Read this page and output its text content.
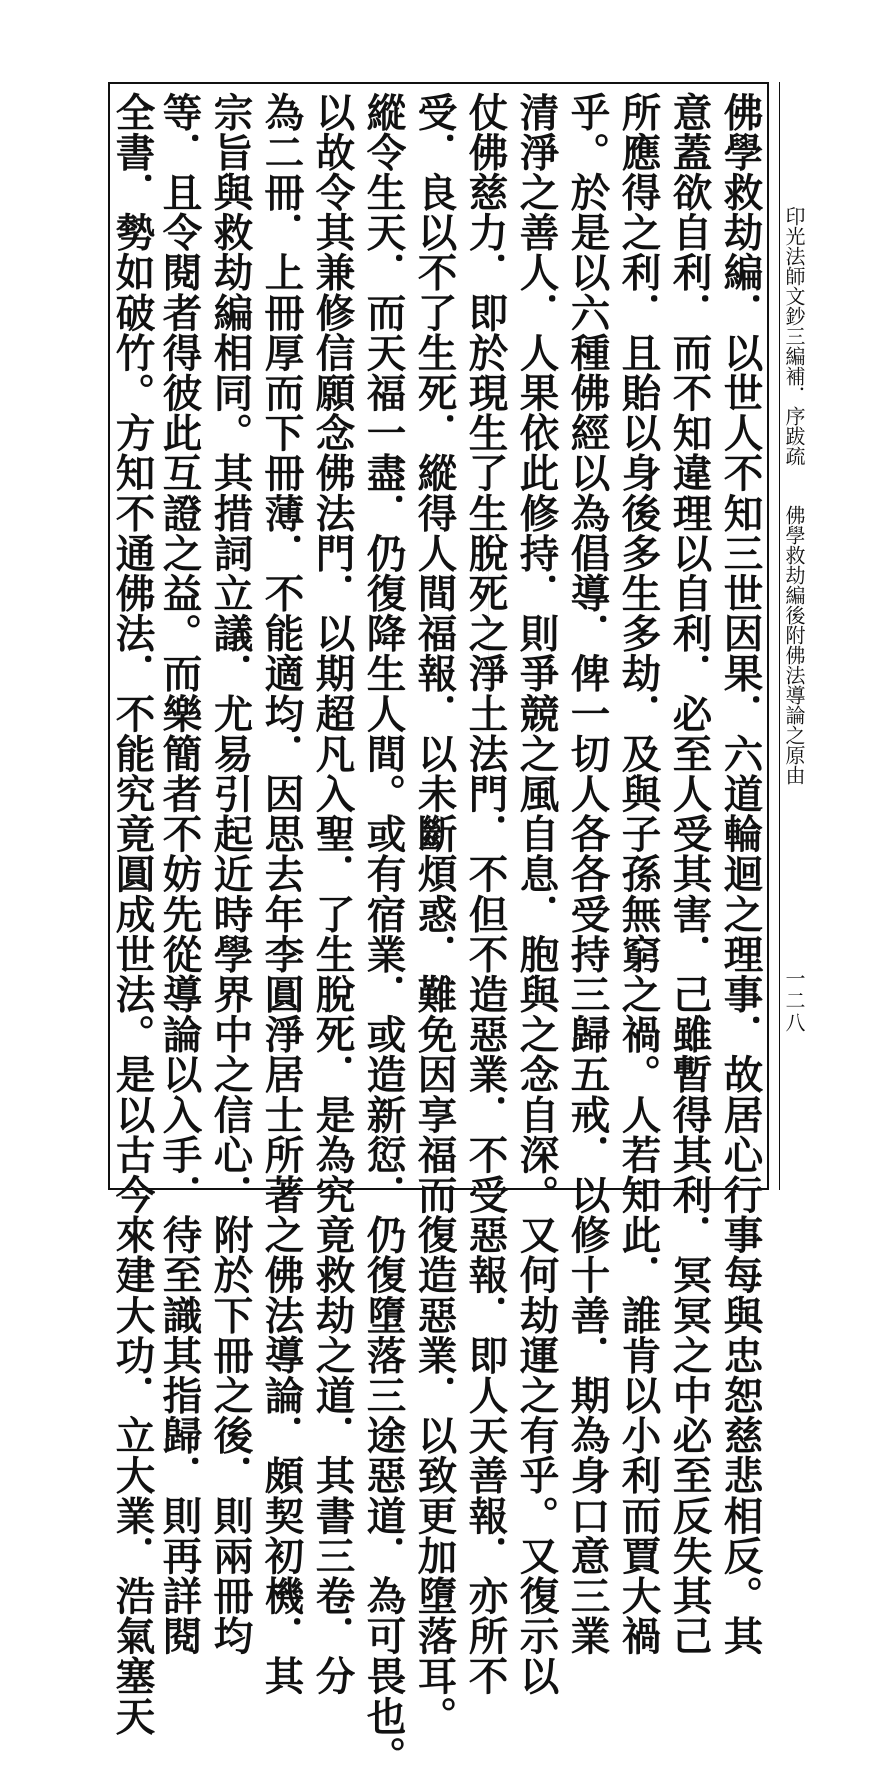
印光法師文鈔三編補．序跋疏
佛學救劫編後附佛法導論之原由
一二八
佛學救劫編．以世人不知三世因果．六道輪迴之理事．故居心行事每與忠恕慈悲相反。其
意蓋欲自利．而不知違理以自利．必至人受其害．己雖暫得其利．冥冥之中必至反失其己
所應得之利．且貽以身後多生多劫．及與子孫無窮之禍。人若知此．誰肯以小利而賈大禍
乎。於是以六種佛經以為倡導．俾一切人各各受持三歸五戒．以修十善．期為身口意三業
清淨之善人．人果依此修持．則爭競之風自息．胞與之念自深。又何劫運之有乎。又復示以
仗佛慈力．即於現生了生脫死之淨土法門．不但不造惡業．不受惡報．即人天善報．亦所不
受．良以不了生死．縱得人間福報．以未斷煩惑．難免因享福而復造惡業．以致更加墮落耳。
縱令生天．而天福一盡．仍復降生人間。或有宿業．或造新愆．仍復墮落三途惡道．為可畏也。
以故令其兼修信願念佛法門．以期超凡入聖．了生脫死．是為究竟救劫之道．其書三卷．分
為二冊．上冊厚而下冊薄．不能適均．因思去年李圓淨居士所著之佛法導論．頗契初機．其
宗旨與救劫編相同。其措詞立議．尤易引起近時學界中之信心．附於下冊之後．則兩冊均
等．且令閱者得彼此互證之益。而樂簡者不妨先從導論以入手．待至識其指歸．則再詳閱
全書．勢如破竹。方知不通佛法．不能究竟圓成世法。是以古今來建大功．立大業．浩氣塞天
